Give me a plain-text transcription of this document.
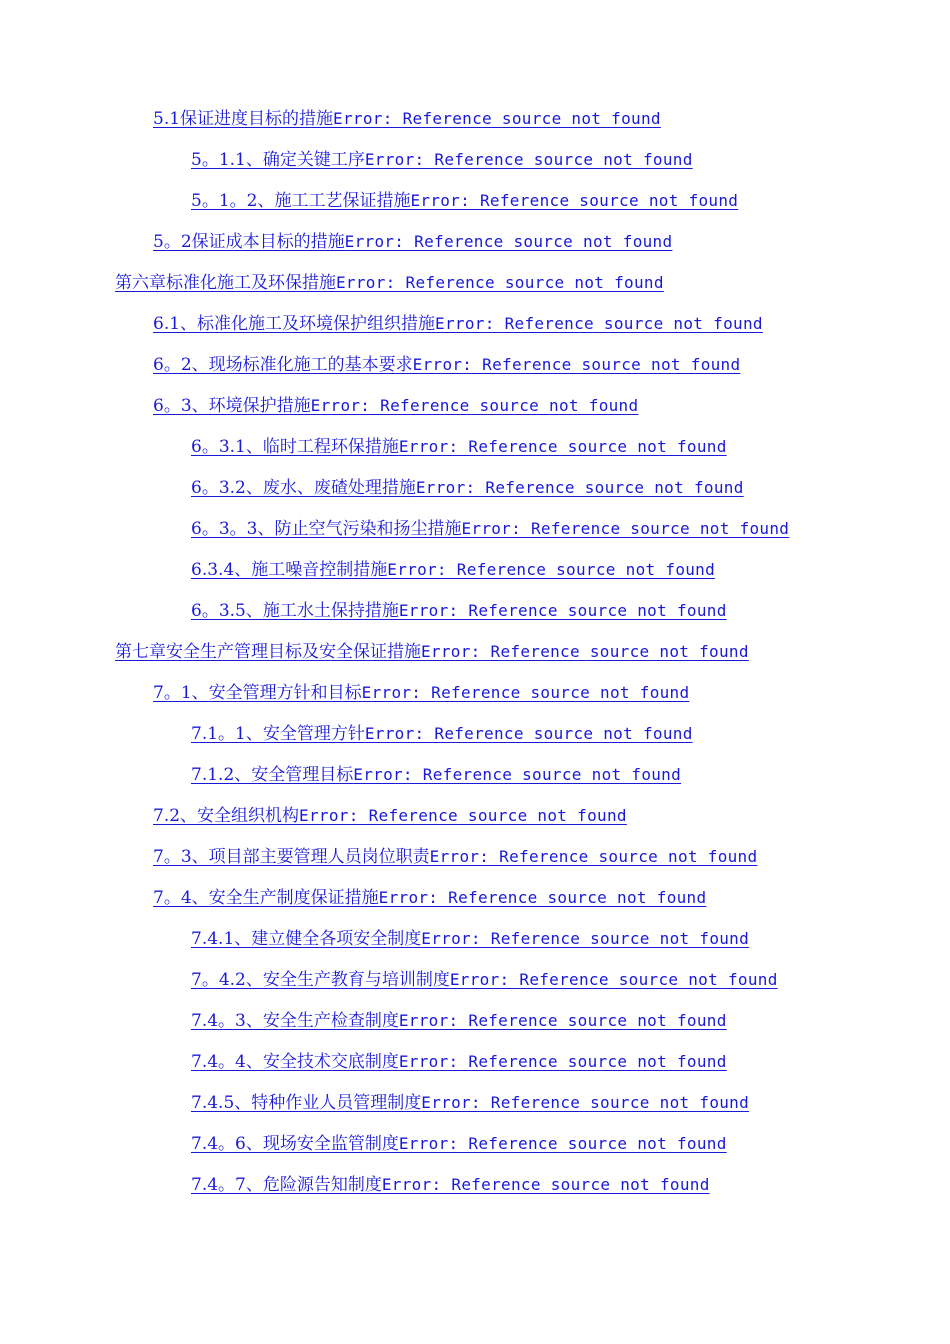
5.1保证进度目标的措施Error: Reference source not found
5。1.1、确定关键工序Error: Reference source not found
5。1。2、施工工艺保证措施Error: Reference source not found
5。2保证成本目标的措施Error: Reference source not found
第六章标准化施工及环保措施Error: Reference source not found
6.1、标准化施工及环境保护组织措施Error: Reference source not found
6。2、现场标准化施工的基本要求Error: Reference source not found
6。3、环境保护措施Error: Reference source not found
6。3.1、临时工程环保措施Error: Reference source not found
6。3.2、废水、废碴处理措施Error: Reference source not found
6。3。3、防止空气污染和扬尘措施Error: Reference source not found
6.3.4、施工噪音控制措施Error: Reference source not found
6。3.5、施工水土保持措施Error: Reference source not found
第七章安全生产管理目标及安全保证措施Error: Reference source not found
7。1、安全管理方针和目标Error: Reference source not found
7.1。1、安全管理方针Error: Reference source not found
7.1.2、安全管理目标Error: Reference source not found
7.2、安全组织机构Error: Reference source not found
7。3、项目部主要管理人员岗位职责Error: Reference source not found
7。4、安全生产制度保证措施Error: Reference source not found
7.4.1、建立健全各项安全制度Error: Reference source not found
7。4.2、安全生产教育与培训制度Error: Reference source not found
7.4。3、安全生产检查制度Error: Reference source not found
7.4。4、安全技术交底制度Error: Reference source not found
7.4.5、特种作业人员管理制度Error: Reference source not found
7.4。6、现场安全监管制度Error: Reference source not found
7.4。7、危险源告知制度Error: Reference source not found
